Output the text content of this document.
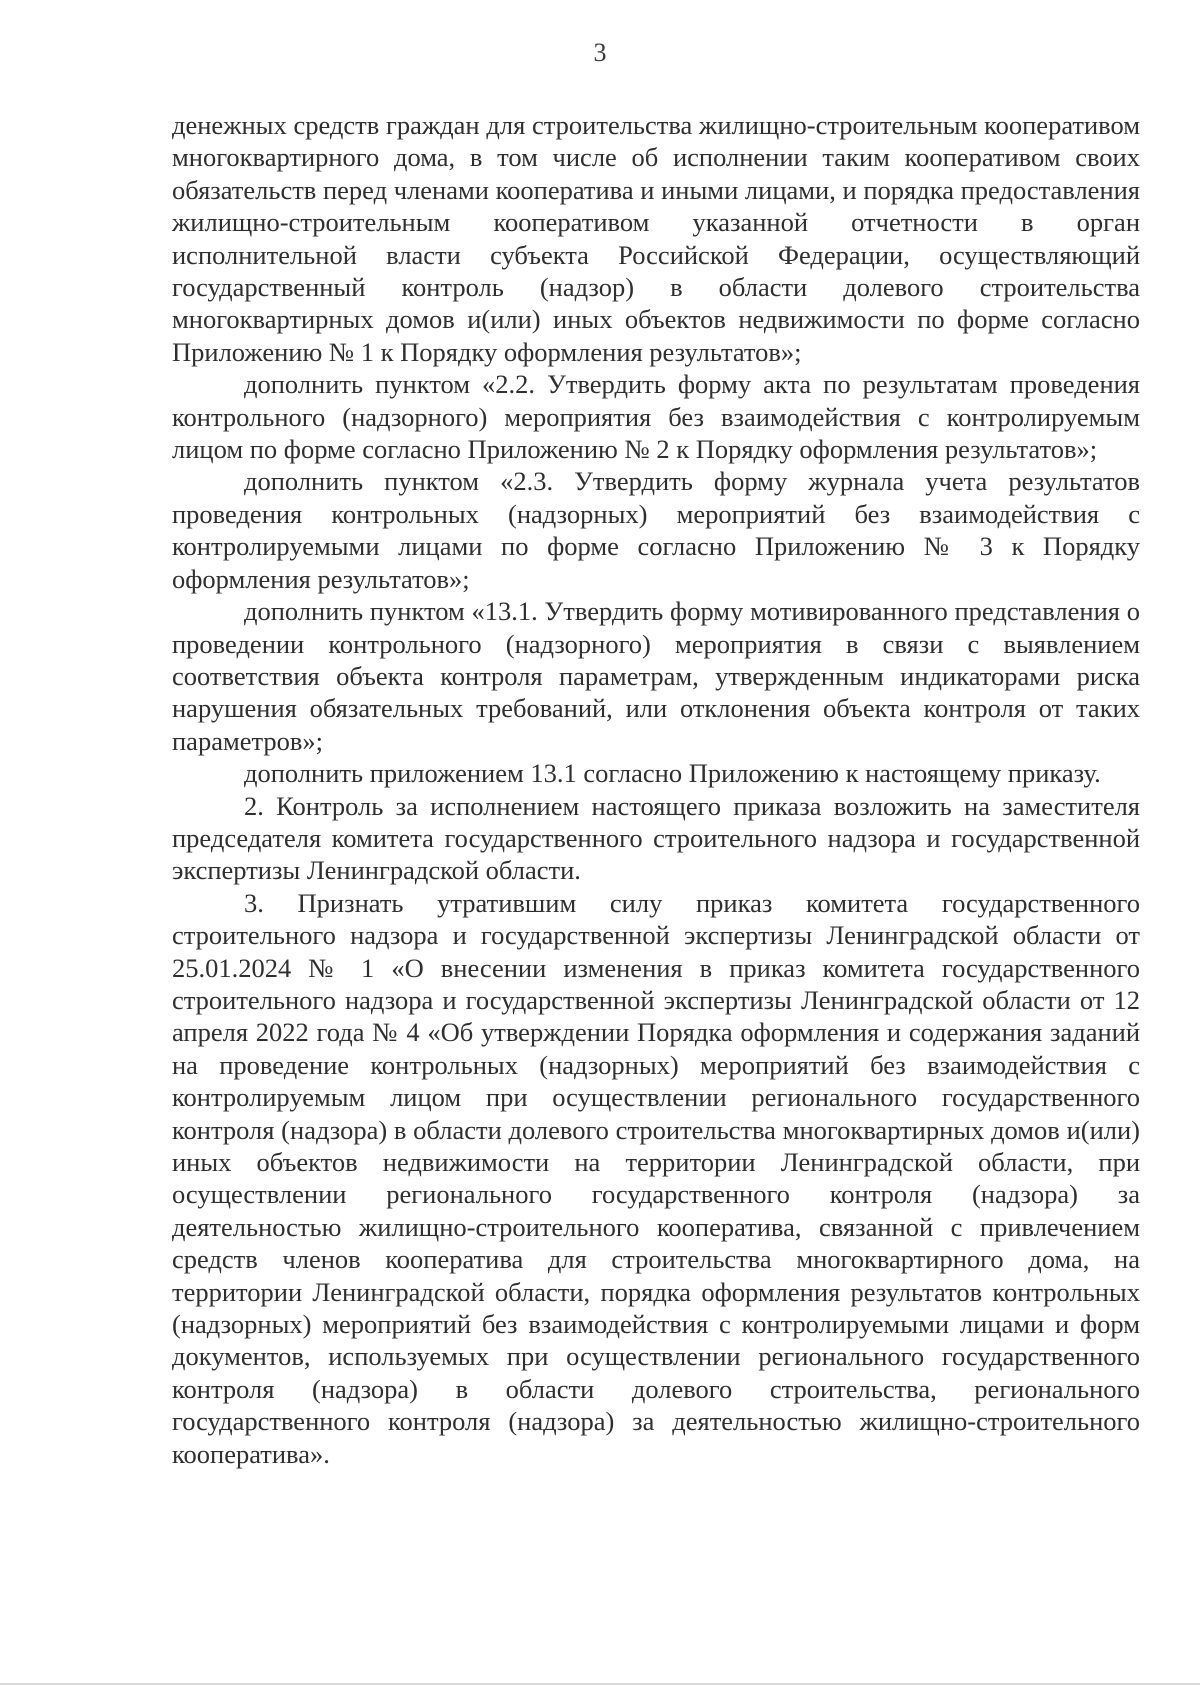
3

денежных средств граждан для строительства жилищно-строительным кооперативом многоквартирного дома, в том числе об исполнении таким кооперативом своих обязательств перед членами кооператива и иными лицами, и порядка предоставления жилищно-строительным кооперативом указанной отчетности в орган исполнительной власти субъекта Российской Федерации, осуществляющий государственный контроль (надзор) в области долевого строительства многоквартирных домов и(или) иных объектов недвижимости по форме согласно Приложению № 1 к Порядку оформления результатов»;

дополнить пунктом «2.2. Утвердить форму акта по результатам проведения контрольного (надзорного) мероприятия без взаимодействия с контролируемым лицом по форме согласно Приложению № 2 к Порядку оформления результатов»;

дополнить пунктом «2.3. Утвердить форму журнала учета результатов проведения контрольных (надзорных) мероприятий без взаимодействия с контролируемыми лицами по форме согласно Приложению № 3 к Порядку оформления результатов»;

дополнить пунктом «13.1. Утвердить форму мотивированного представления о проведении контрольного (надзорного) мероприятия в связи с выявлением соответствия объекта контроля параметрам, утвержденным индикаторами риска нарушения обязательных требований, или отклонения объекта контроля от таких параметров»;

дополнить приложением 13.1 согласно Приложению к настоящему приказу.

2. Контроль за исполнением настоящего приказа возложить на заместителя председателя комитета государственного строительного надзора и государственной экспертизы Ленинградской области.

3. Признать утратившим силу приказ комитета государственного строительного надзора и государственной экспертизы Ленинградской области от 25.01.2024 № 1 «О внесении изменения в приказ комитета государственного строительного надзора и государственной экспертизы Ленинградской области от 12 апреля 2022 года № 4 «Об утверждении Порядка оформления и содержания заданий на проведение контрольных (надзорных) мероприятий без взаимодействия с контролируемым лицом при осуществлении регионального государственного контроля (надзора) в области долевого строительства многоквартирных домов и(или) иных объектов недвижимости на территории Ленинградской области, при осуществлении регионального государственного контроля (надзора) за деятельностью жилищно-строительного кооператива, связанной с привлечением средств членов кооператива для строительства многоквартирного дома, на территории Ленинградской области, порядка оформления результатов контрольных (надзорных) мероприятий без взаимодействия с контролируемыми лицами и форм документов, используемых при осуществлении регионального государственного контроля (надзора) в области долевого строительства, регионального государственного контроля (надзора) за деятельностью жилищно-строительного кооператива».
